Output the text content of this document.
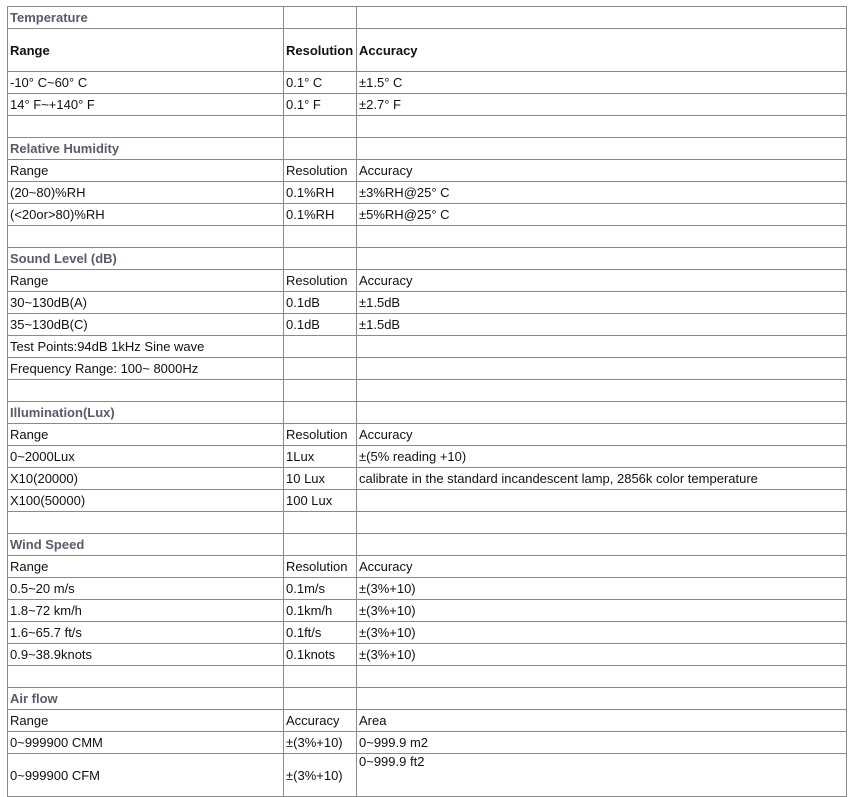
Temperature		
Range	Resolution	Accuracy
-10° C~60° C	0.1° C	±1.5° C
14° F~+140° F	0.1° F	±2.7° F

Relative Humidity		
Range	Resolution	Accuracy
(20~80)%RH	0.1%RH	±3%RH@25° C
(<20or>80)%RH	0.1%RH	±5%RH@25° C

Sound Level (dB)		
Range	Resolution	Accuracy
30~130dB(A)	0.1dB	±1.5dB
35~130dB(C)	0.1dB	±1.5dB
Test Points:94dB 1kHz Sine wave		
Frequency Range: 100~ 8000Hz		

Illumination(Lux)		
Range	Resolution	Accuracy
0~2000Lux	1Lux	±(5% reading +10)
X10(20000)	10 Lux	calibrate in the standard incandescent lamp, 2856k color temperature
X100(50000)	100 Lux	

Wind Speed		
Range	Resolution	Accuracy
0.5~20 m/s	0.1m/s	±(3%+10)
1.8~72 km/h	0.1km/h	±(3%+10)
1.6~65.7 ft/s	0.1ft/s	±(3%+10)
0.9~38.9knots	0.1knots	±(3%+10)

Air flow		
Range	Accuracy	Area
0~999900 CMM	±(3%+10)	0~999.9 m2
0~999900 CFM	±(3%+10)	0~999.9 ft2
